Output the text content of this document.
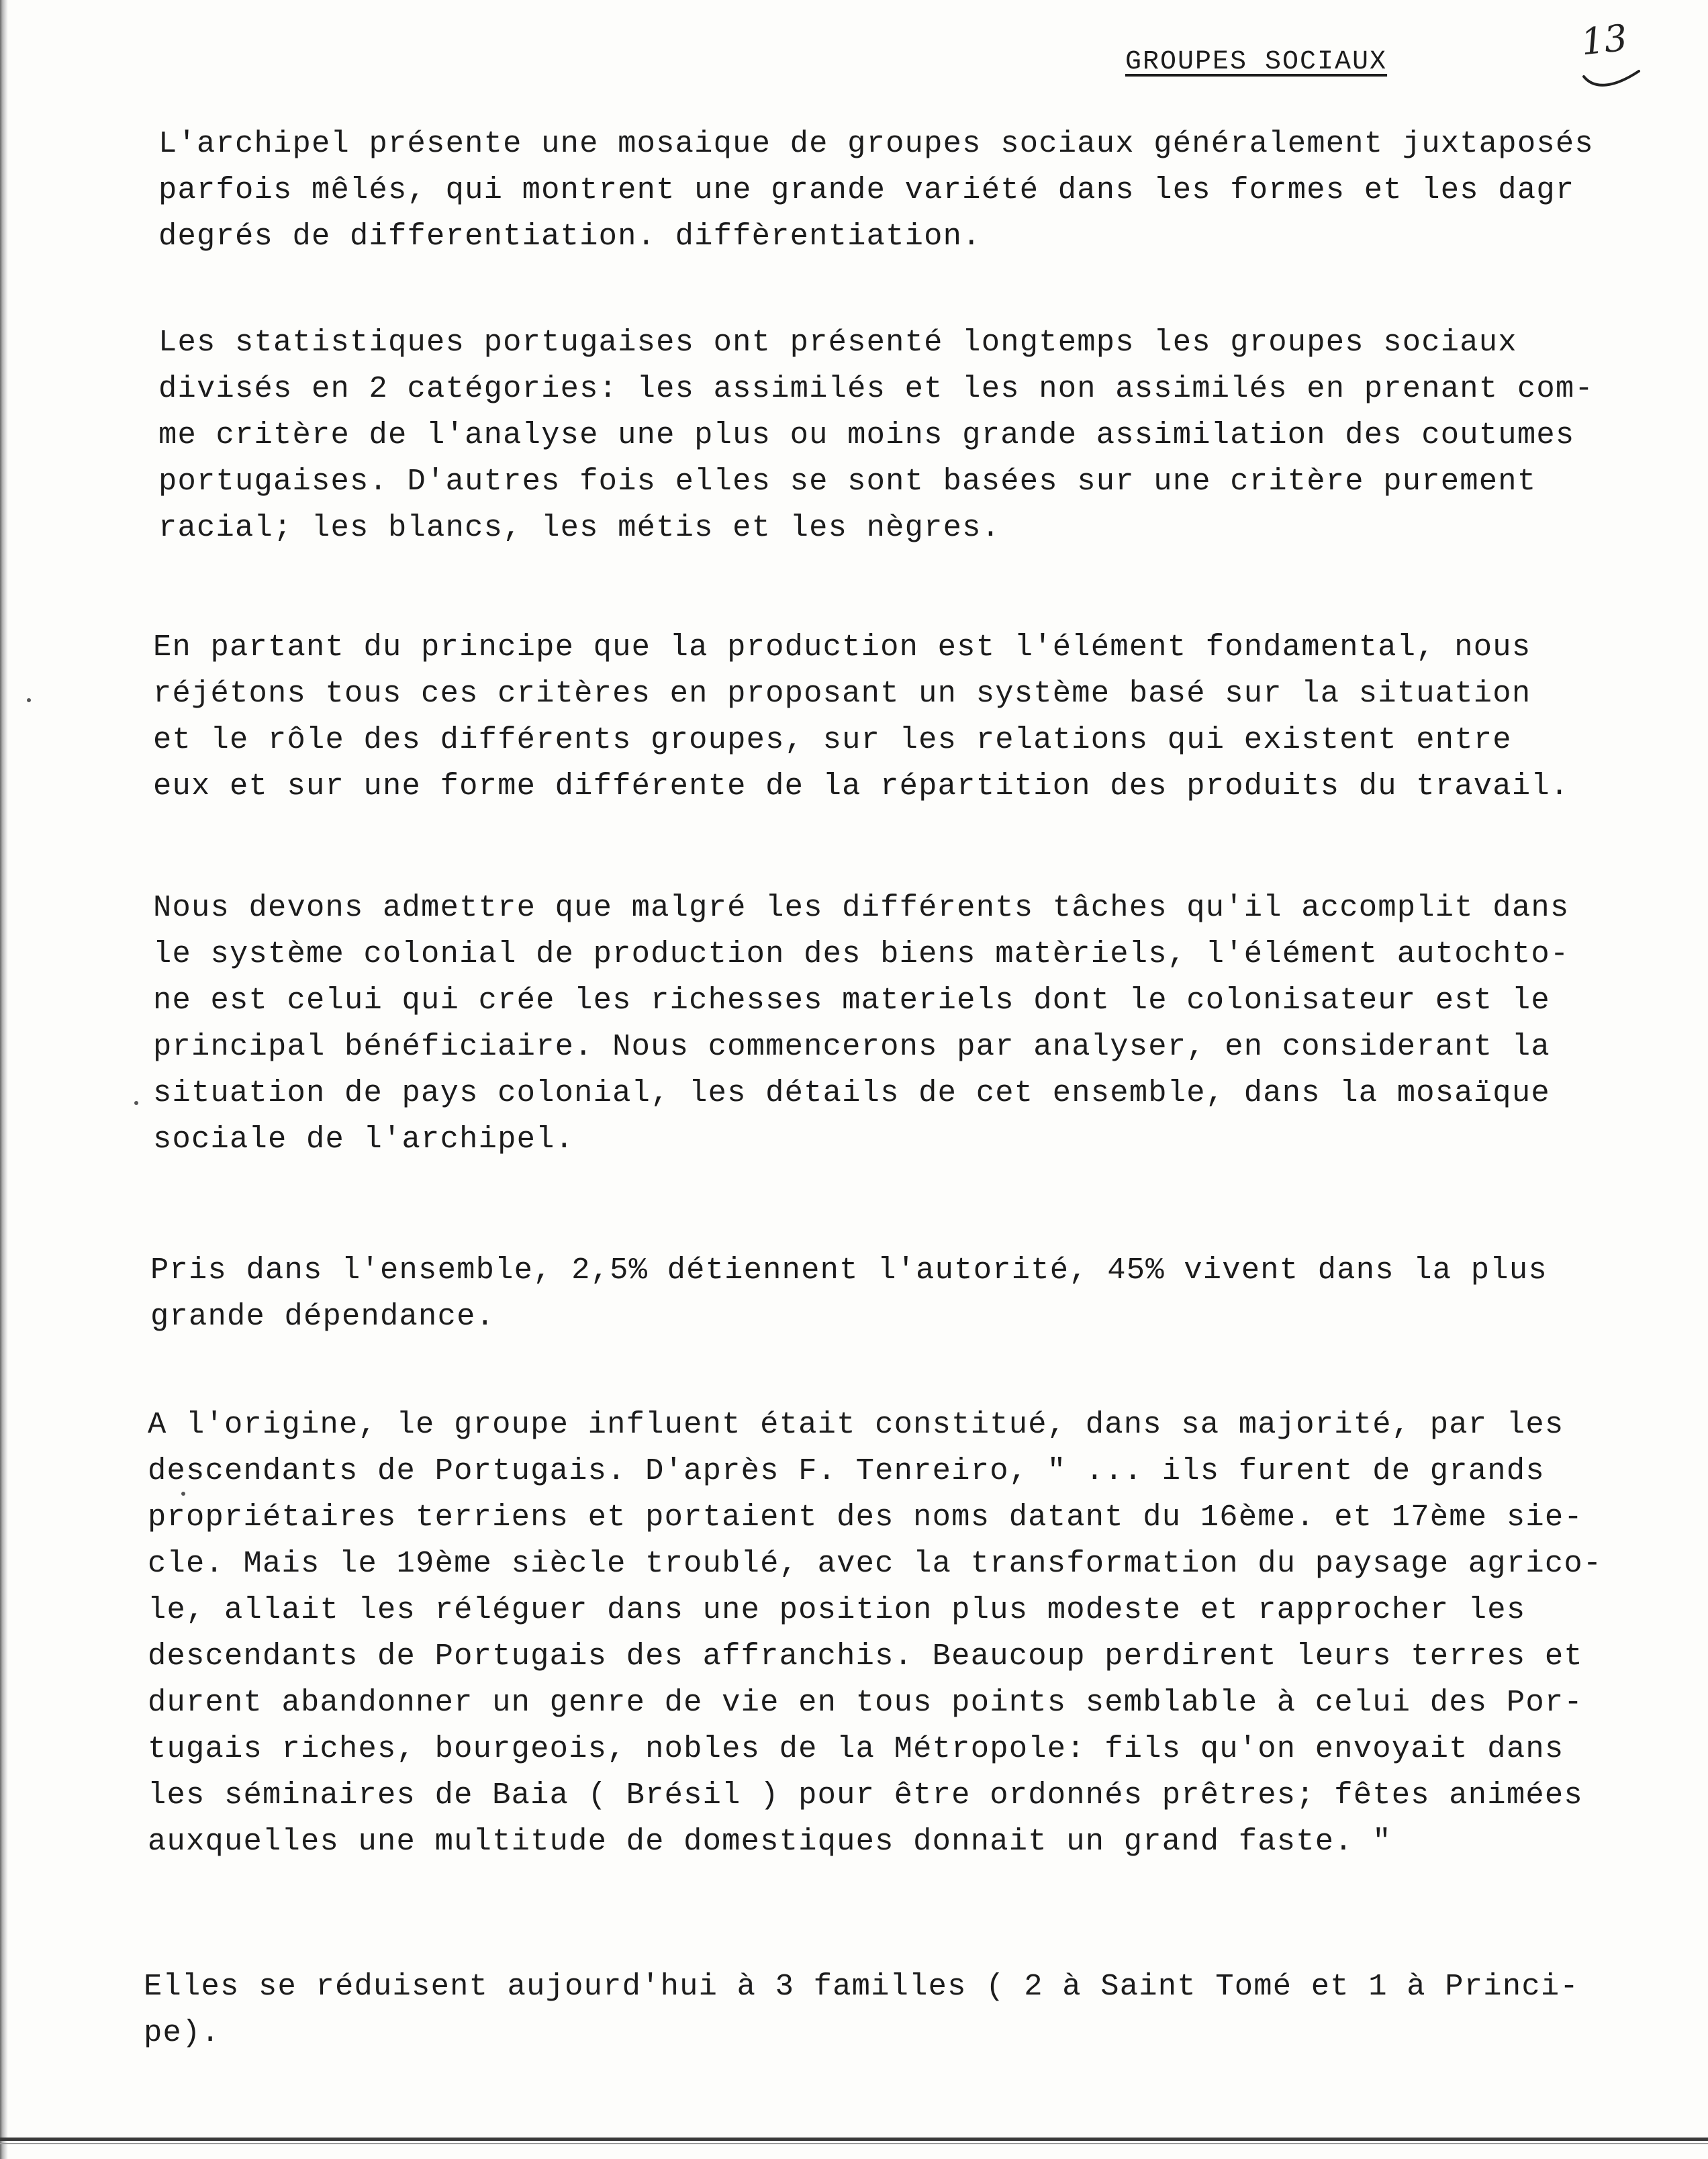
GROUPES SOCIAUX	13

L'archipel présente une mosaique de groupes sociaux généralement juxtaposés
parfois mêlés, qui montrent une grande variété dans les formes et les dagr
degrés de differentiation. diffèrentiation.

Les statistiques portugaises ont présenté longtemps les groupes sociaux
divisés en 2 catégories: les assimilés et les non assimilés en prenant com-
me critère de l'analyse une plus ou moins grande assimilation des coutumes
portugaises. D'autres fois elles se sont basées sur une critère purement
racial; les blancs, les métis et les nègres.

En partant du principe que la production est l'élément fondamental, nous
réjétons tous ces critères en proposant un système basé sur la situation
et le rôle des différents groupes, sur les relations qui existent entre
eux et sur une forme différente de la répartition des produits du travail.

Nous devons admettre que malgré les différents tâches qu'il accomplit dans
le système colonial de production des biens matèriels, l'élément autochto-
ne est celui qui crée les richesses materiels dont le colonisateur est le
principal bénéficiaire. Nous commencerons par analyser, en considerant la
situation de pays colonial, les détails de cet ensemble, dans la mosaïque
sociale de l'archipel.

Pris dans l'ensemble, 2,5% détiennent l'autorité, 45% vivent dans la plus
grande dépendance.

A l'origine, le groupe influent était constitué, dans sa majorité, par les
descendants de Portugais. D'après F. Tenreiro, " ... ils furent de grands
propriétaires terriens et portaient des noms datant du 16ème. et 17ème sie-
cle. Mais le 19ème siècle troublé, avec la transformation du paysage agrico-
le, allait les réléguer dans une position plus modeste et rapprocher les
descendants de Portugais des affranchis. Beaucoup perdirent leurs terres et
durent abandonner un genre de vie en tous points semblable à celui des Por-
tugais riches, bourgeois, nobles de la Métropole: fils qu'on envoyait dans
les séminaires de Baia ( Brésil ) pour être ordonnés prêtres; fêtes animées
auxquelles une multitude de domestiques donnait un grand faste. "

Elles se réduisent aujourd'hui à 3 familles ( 2 à Saint Tomé et 1 à Princi-
pe).
